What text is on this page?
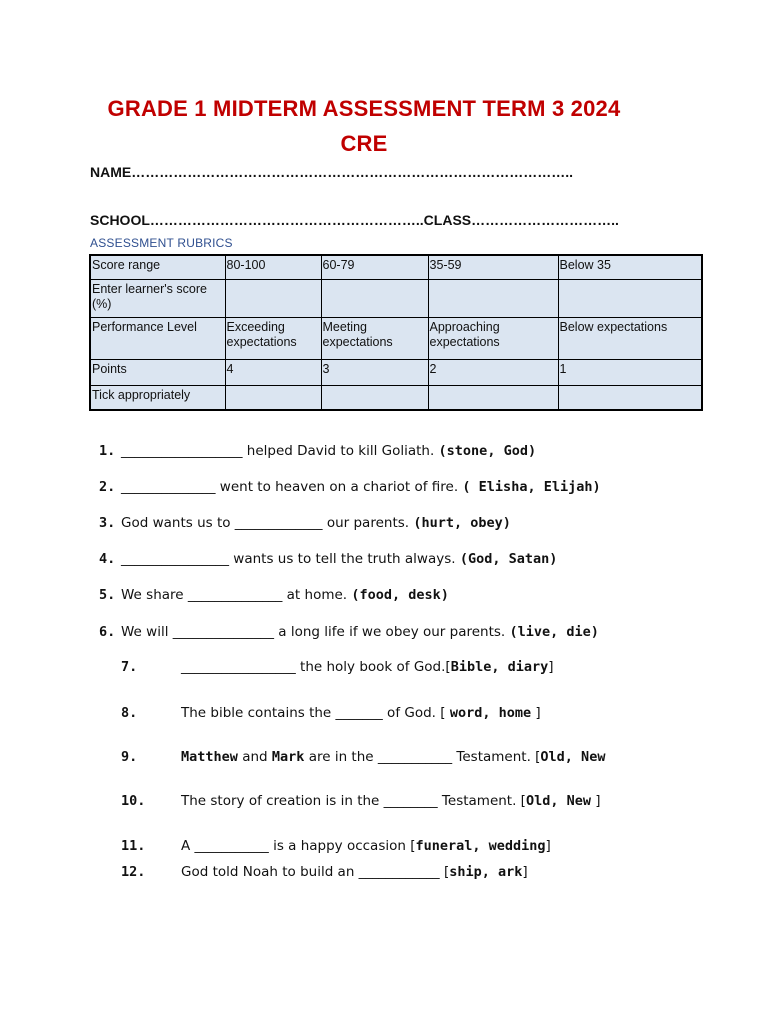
GRADE 1 MIDTERM ASSESSMENT TERM 3 2024
CRE
NAME…………………………………………………………………………………..
SCHOOL…………………………………………………..CLASS…………………………..
ASSESSMENT RUBRICS
Score range	80-100	60-79	35-59	Below 35
Enter learner's score (%)				
Performance Level	Exceeding expectations	Meeting expectations	Approaching expectations	Below expectations
Points	4	3	2	1
Tick appropriately				
1. __________________ helped David to kill Goliath. (stone, God)
2. ______________ went to heaven on a chariot of fire. ( Elisha, Elijah)
3. God wants us to _____________ our parents. (hurt, obey)
4. ________________ wants us to tell the truth always. (God, Satan)
5. We share ______________ at home. (food, desk)
6. We will _______________ a long life if we obey our parents. (live, die)
7.	_________________ the holy book of God.[Bible, diary]
8.	The bible contains the _______ of God. [ word, home ]
9.	Matthew and Mark are in the ___________ Testament. [Old, New
10.	The story of creation is in the ________ Testament. [Old, New ]
11.	A ___________ is a happy occasion [funeral, wedding]
12.	God told Noah to build an ____________ [ship, ark]
